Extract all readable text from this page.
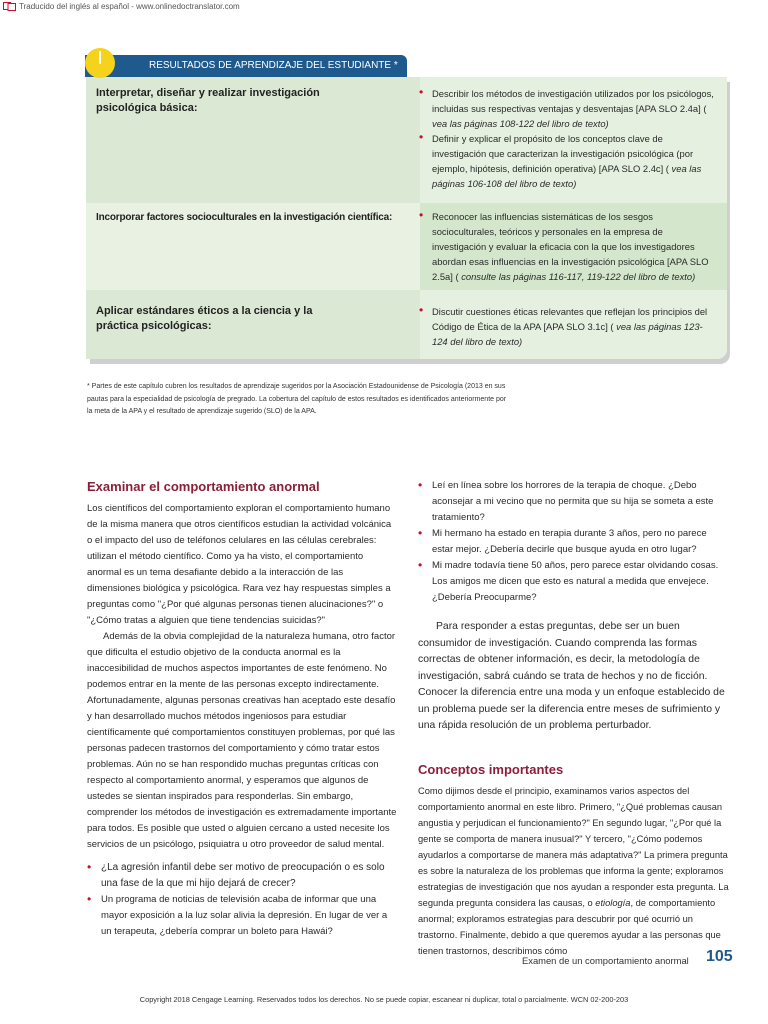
Traducido del inglés al español - www.onlinedoctranslator.com
RESULTADOS DE APRENDIZAJE DEL ESTUDIANTE *
Interpretar, diseñar y realizar investigación psicológica básica:
• Describir los métodos de investigación utilizados por los psicólogos, incluidas sus respectivas ventajas y desventajas [APA SLO 2.4a] ( vea las páginas 108-122 del libro de texto)
• Definir y explicar el propósito de los conceptos clave de investigación que caracterizan la investigación psicológica (por ejemplo, hipótesis, definición operativa) [APA SLO 2.4c] ( vea las páginas 106-108 del libro de texto)
Incorporar factores socioculturales en la investigación científica:	• Reconocer las influencias sistemáticas de los sesgos socioculturales, teóricos y personales en la empresa de investigación y evaluar la eficacia con la que los investigadores abordan esas influencias en la investigación psicológica [APA SLO 2.5a] ( consulte las páginas 116-117, 119-122 del libro de texto)
Aplicar estándares éticos a la ciencia y la práctica psicológicas:
• Discutir cuestiones éticas relevantes que reflejan los principios del Código de Ética de la APA [APA SLO 3.1c] ( vea las páginas 123-124 del libro de texto)
* Partes de este capítulo cubren los resultados de aprendizaje sugeridos por la Asociación Estadounidense de Psicología (2013 en sus pautas para la especialidad de psicología de pregrado. La cobertura del capítulo de estos resultados es identificados anteriormente por la meta de la APA y el resultado de aprendizaje sugerido (SLO) de la APA.
Examinar el comportamiento anormal
Los científicos del comportamiento exploran el comportamiento humano de la misma manera que otros científicos estudian la actividad volcánica o el impacto del uso de teléfonos celulares en las células cerebrales: utilizan el método científico. Como ya ha visto, el comportamiento anormal es un tema desafiante debido a la interacción de las dimensiones biológica y psicológica. Rara vez hay respuestas simples a preguntas como "¿Por qué algunas personas tienen alucinaciones?" o "¿Cómo tratas a alguien que tiene tendencias suicidas?"
Además de la obvia complejidad de la naturaleza humana, otro factor que dificulta el estudio objetivo de la conducta anormal es la inaccesibilidad de muchos aspectos importantes de este fenómeno. No podemos entrar en la mente de las personas excepto indirectamente. Afortunadamente, algunas personas creativas han aceptado este desafío y han desarrollado muchos métodos ingeniosos para estudiar científicamente qué comportamientos constituyen problemas, por qué las personas padecen trastornos del comportamiento y cómo tratar estos problemas. Aún no se han respondido muchas preguntas críticas con respecto al comportamiento anormal, y esperamos que algunos de ustedes se sientan inspirados para responderlas. Sin embargo, comprender los métodos de investigación es extremadamente importante para todos. Es posible que usted o alguien cercano a usted necesite los servicios de un psicólogo, psiquiatra u otro proveedor de salud mental.
• ¿La agresión infantil debe ser motivo de preocupación o es solo una fase de la que mi hijo dejará de crecer?
• Un programa de noticias de televisión acaba de informar que una mayor exposición a la luz solar alivia la depresión. En lugar de ver a un terapeuta, ¿debería comprar un boleto para Hawái?
• Leí en línea sobre los horrores de la terapia de choque. ¿Debo aconsejar a mi vecino que no permita que su hija se someta a este tratamiento?
• Mi hermano ha estado en terapia durante 3 años, pero no parece estar mejor. ¿Debería decirle que busque ayuda en otro lugar?
• Mi madre todavía tiene 50 años, pero parece estar olvidando cosas. Los amigos me dicen que esto es natural a medida que envejece. ¿Debería Preocuparme?
Para responder a estas preguntas, debe ser un buen consumidor de investigación. Cuando comprenda las formas correctas de obtener información, es decir, la metodología de investigación, sabrá cuándo se trata de hechos y no de ficción. Conocer la diferencia entre una moda y un enfoque establecido de un problema puede ser la diferencia entre meses de sufrimiento y una rápida resolución de un problema perturbador.
Conceptos importantes
Como dijimos desde el principio, examinamos varios aspectos del comportamiento anormal en este libro. Primero, "¿Qué problemas causan angustia y perjudican el funcionamiento?" En segundo lugar, "¿Por qué la gente se comporta de manera inusual?" Y tercero, "¿Cómo podemos ayudarlos a comportarse de manera más adaptativa?" La primera pregunta es sobre la naturaleza de los problemas que informa la gente; exploramos estrategias de investigación que nos ayudan a responder esta pregunta. La segunda pregunta considera las causas, o etiología, de comportamiento anormal; exploramos estrategias para descubrir por qué ocurrió un trastorno. Finalmente, debido a que queremos ayudar a las personas que tienen trastornos, describimos cómo
Examen de un comportamiento anormal 105
Copyright 2018 Cengage Learning. Reservados todos los derechos. No se puede copiar, escanear ni duplicar, total o parcialmente. WCN 02-200-203
